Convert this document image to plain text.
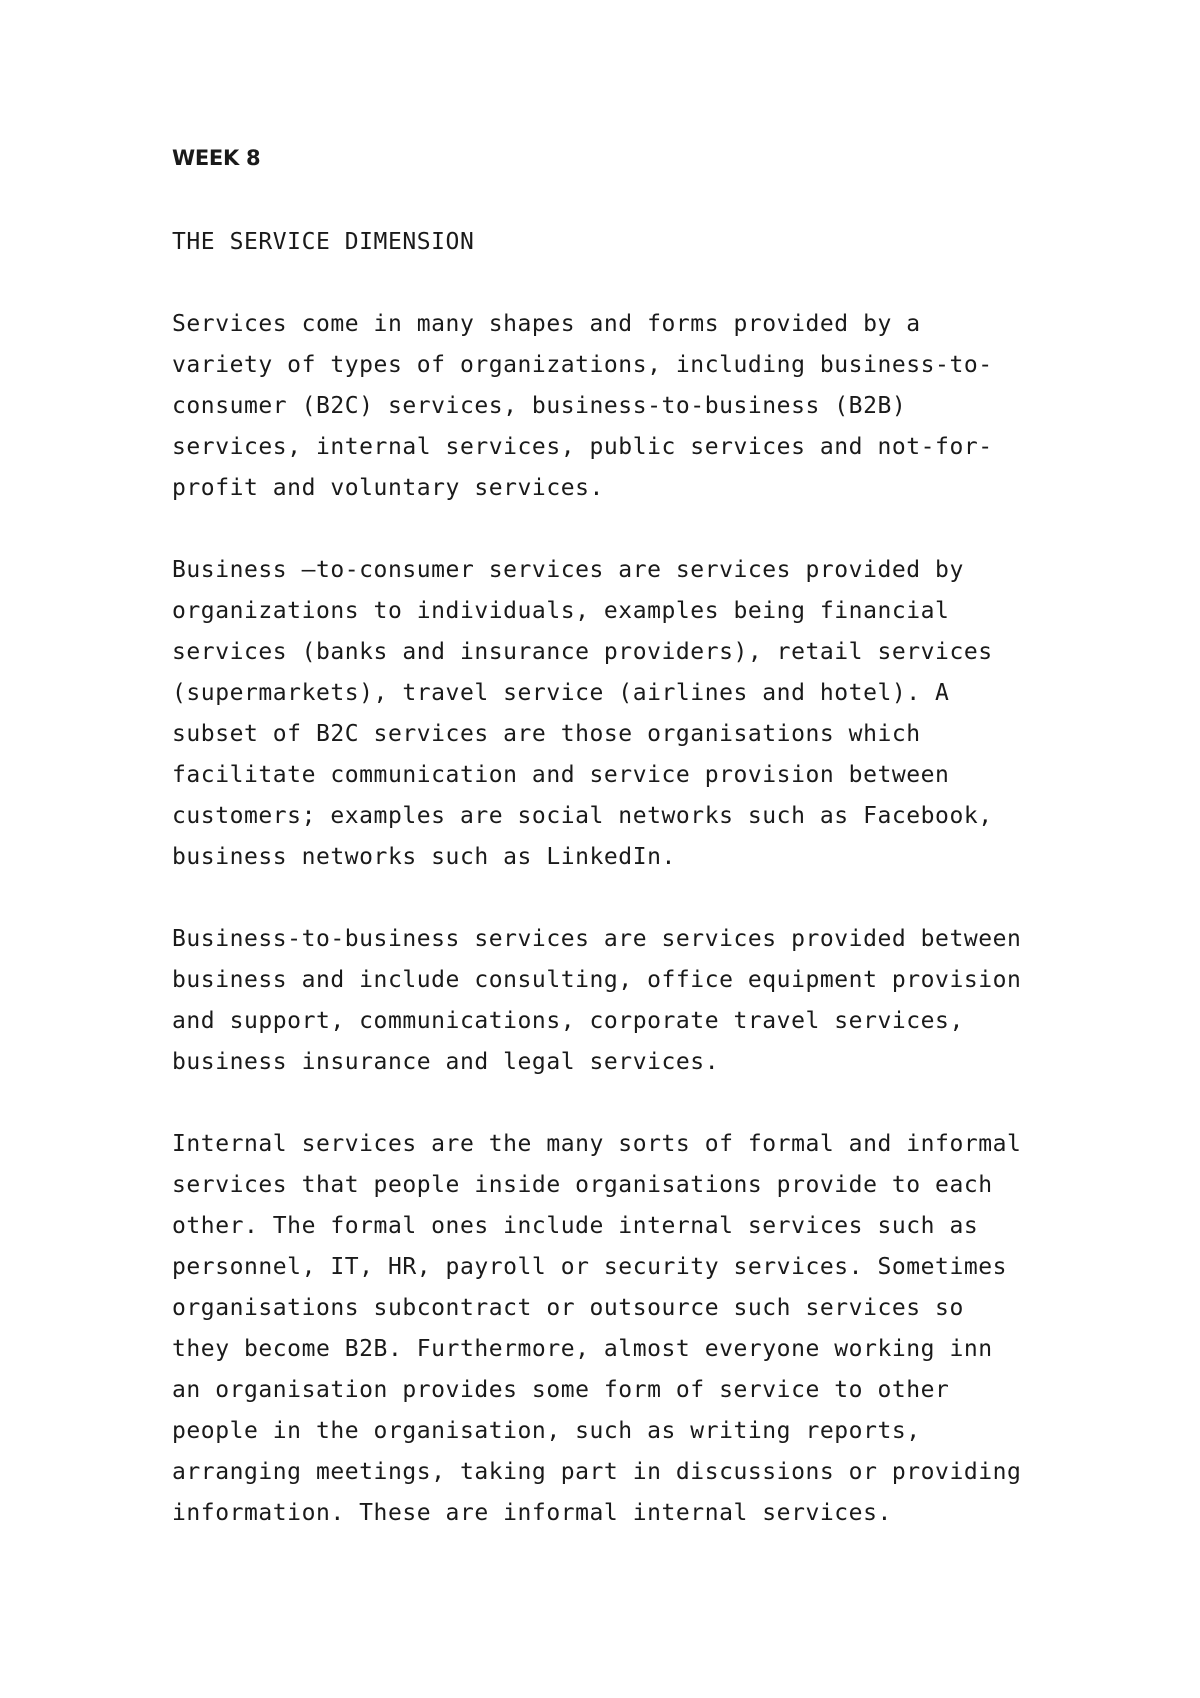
WEEK 8
THE SERVICE DIMENSION
Services come in many shapes and forms provided by a
variety of types of organizations, including business-to-
consumer (B2C) services, business-to-business (B2B)
services, internal services, public services and not-for-
profit and voluntary services.
Business –to-consumer services are services provided by
organizations to individuals, examples being financial
services (banks and insurance providers), retail services
(supermarkets), travel service (airlines and hotel). A
subset of B2C services are those organisations which
facilitate communication and service provision between
customers; examples are social networks such as Facebook,
business networks such as LinkedIn.
Business-to-business services are services provided between
business and include consulting, office equipment provision
and support, communications, corporate travel services,
business insurance and legal services.
Internal services are the many sorts of formal and informal
services that people inside organisations provide to each
other. The formal ones include internal services such as
personnel, IT, HR, payroll or security services. Sometimes
organisations subcontract or outsource such services so
they become B2B. Furthermore, almost everyone working inn
an organisation provides some form of service to other
people in the organisation, such as writing reports,
arranging meetings, taking part in discussions or providing
information. These are informal internal services.
